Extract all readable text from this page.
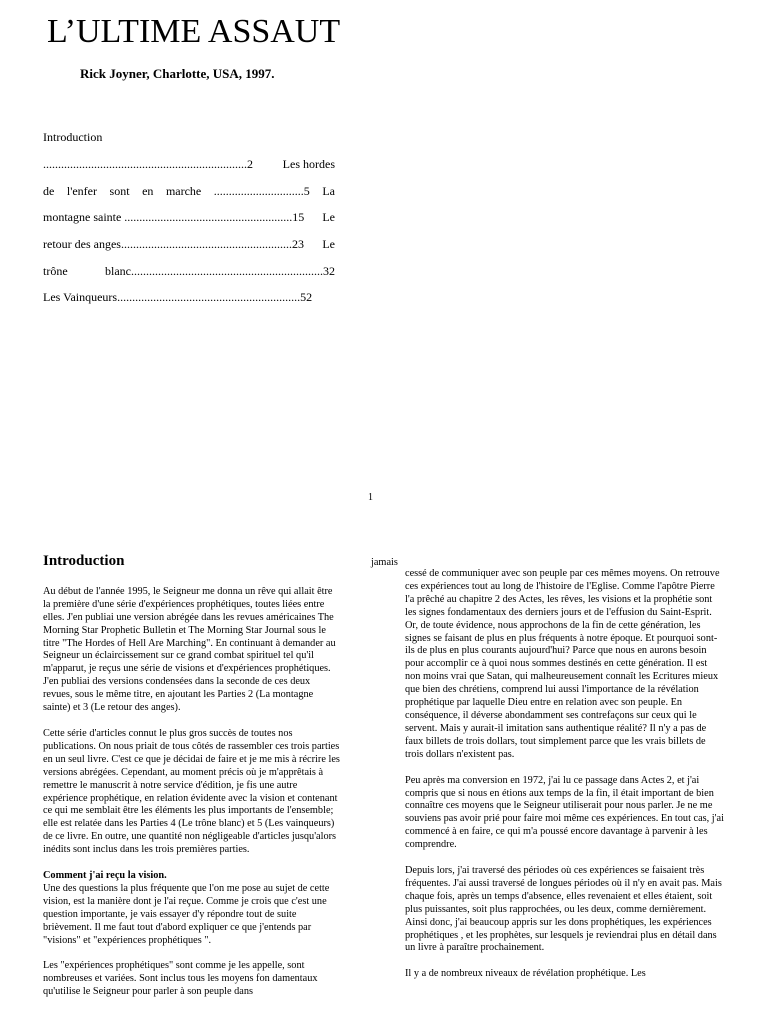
L’ULTIME ASSAUT
Rick Joyner, Charlotte, USA, 1997.
Introduction
....................................................................2 Les hordes
de l'enfer sont en marche ..............................5 La
montagne sainte ........................................................15 Le
retour des anges.........................................................23 Le
trône	blanc................................................................32
Les Vainqueurs.............................................................52
1
Introduction

Au début de l'année 1995, le Seigneur me donna un rêve qui allait être la première d'une série d'expériences prophétiques, toutes liées entre elles. J'en publiai une version abrégée dans les revues américaines The Morning Star Prophetic Bulletin et The Morning Star Journal sous le titre "The Hordes of Hell Are Marching". En continuant à demander au Seigneur un éclaircissement sur ce grand combat spirituel tel qu'il m'apparut, je reçus une série de visions et d'expériences prophétiques. J'en publiai des versions condensées dans la seconde de ces deux revues, sous le même titre, en ajoutant les Parties 2 (La montagne sainte) et 3 (Le retour des anges).

Cette série d'articles connut le plus gros succès de toutes nos publications. On nous priait de tous côtés de rassembler ces trois parties en un seul livre. C'est ce que je décidai de faire et je me mis à récrire les versions abrégées. Cependant, au moment précis où je m'apprêtais à remettre le manuscrit à notre service d'édition, je fis une autre expérience prophétique, en relation évidente avec la vision et contenant ce qui me semblait être les éléments les plus importants de l'ensemble; elle est relatée dans les Parties 4 (Le trône blanc) et 5 (Les vainqueurs) de ce livre. En outre, une quantité non négligeable d'articles jusqu'alors inédits sont inclus dans les trois premières parties.

Comment j'ai reçu la vision.

Une des questions la plus fréquente que l'on me pose au sujet de cette vision, est la manière dont je l'ai reçue. Comme je crois que c'est une question importante, je vais essayer d'y répondre tout de suite brièvement. Il me faut tout d'abord expliquer ce que j'entends par "visions" et "expériences prophétiques ".

Les "expériences prophétiques" sont comme je les appelle, sont nombreuses et variées. Sont inclus tous les moyens fon damentaux qu'utilise le Seigneur pour parler à son peuple dans

jamais

cessé de communiquer avec son peuple par ces mêmes moyens. On retrouve ces expériences tout au long de l'histoire de l'Eglise. Comme l'apôtre Pierre l'a prêché au chapitre 2 des Actes, les rêves, les visions et la prophétie sont les signes fondamentaux des derniers jours et de l'effusion du Saint-Esprit. Or, de toute évidence, nous approchons de la fin de cette génération, les signes se faisant de plus en plus fréquents à notre époque. Et pourquoi sont-ils de plus en plus courants aujourd'hui? Parce que nous en aurons besoin pour accomplir ce à quoi nous sommes destinés en cette génération. Il est non moins vrai que Satan, qui malheureusement connaît les Ecritures mieux que bien des chrétiens, comprend lui aussi l'importance de la révélation prophétique par laquelle Dieu entre en relation avec son peuple. En conséquence, il déverse abondamment ses contrefaçons sur ceux qui le servent. Mais y aurait-il imitation sans authentique réalité? Il n'y a pas de faux billets de trois dollars, tout simplement parce que les vrais billets de trois dollars n'existent pas.

Peu après ma conversion en 1972, j'ai lu ce passage dans Actes 2, et j'ai compris que si nous en étions aux temps de la fin, il était important de bien connaître ces moyens que le Seigneur utiliserait pour nous parler. Je ne me souviens pas avoir prié pour faire moi même ces expériences. En tout cas, j'ai commencé à en faire, ce qui m'a poussé encore davantage à parvenir à les comprendre.

Depuis lors, j'ai traversé des périodes où ces expériences se faisaient très fréquentes. J'ai aussi traversé de longues périodes où il n'y en avait pas. Mais chaque fois, après un temps d'absence, elles revenaient et elles étaient, soit plus puissantes, soit plus rapprochées, ou les deux, comme dernièrement. Ainsi donc, j'ai beaucoup appris sur les dons prophétiques, les expériences prophétiques , et les prophètes, sur lesquels je reviendrai plus en détail dans un livre à paraître prochainement.

Il y a de nombreux niveaux de révélation prophétique. Les
